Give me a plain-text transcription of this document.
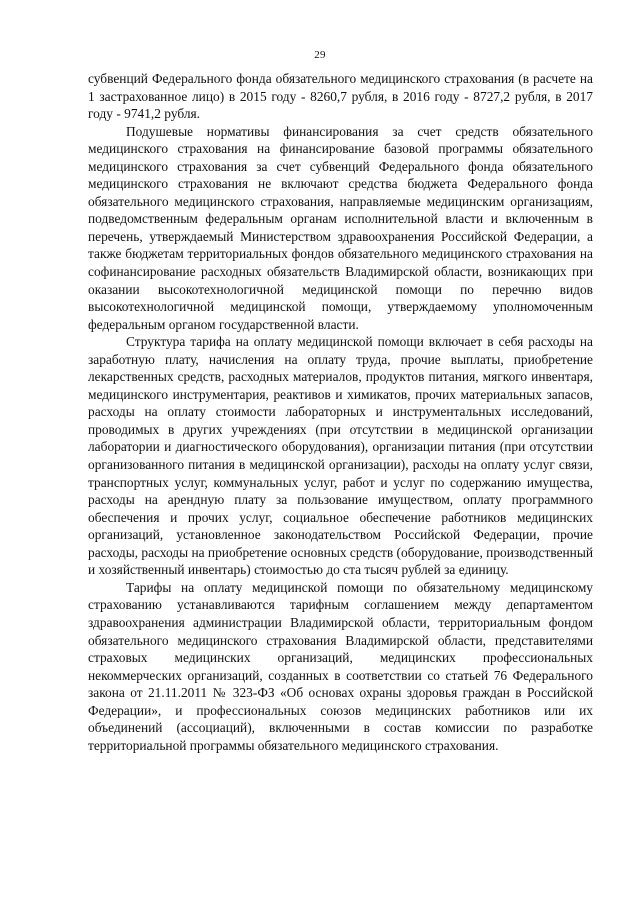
29

субвенций Федерального фонда обязательного медицинского страхования (в расчете на 1 застрахованное лицо) в 2015 году - 8260,7 рубля, в 2016 году - 8727,2 рубля, в 2017 году - 9741,2 рубля.

Подушевые нормативы финансирования за счет средств обязательного медицинского страхования на финансирование базовой программы обязательного медицинского страхования за счет субвенций Федерального фонда обязательного медицинского страхования не включают средства бюджета Федерального фонда обязательного медицинского страхования, направляемые медицинским организациям, подведомственным федеральным органам исполнительной власти и включенным в перечень, утверждаемый Министерством здравоохранения Российской Федерации, а также бюджетам территориальных фондов обязательного медицинского страхования на софинансирование расходных обязательств Владимирской области, возникающих при оказании высокотехнологичной медицинской помощи по перечню видов высокотехнологичной медицинской помощи, утверждаемому уполномоченным федеральным органом государственной власти.

Структура тарифа на оплату медицинской помощи включает в себя расходы на заработную плату, начисления на оплату труда, прочие выплаты, приобретение лекарственных средств, расходных материалов, продуктов питания, мягкого инвентаря, медицинского инструментария, реактивов и химикатов, прочих материальных запасов, расходы на оплату стоимости лабораторных и инструментальных исследований, проводимых в других учреждениях (при отсутствии в медицинской организации лаборатории и диагностического оборудования), организации питания (при отсутствии организованного питания в медицинской организации), расходы на оплату услуг связи, транспортных услуг, коммунальных услуг, работ и услуг по содержанию имущества, расходы на арендную плату за пользование имуществом, оплату программного обеспечения и прочих услуг, социальное обеспечение работников медицинских организаций, установленное законодательством Российской Федерации, прочие расходы, расходы на приобретение основных средств (оборудование, производственный и хозяйственный инвентарь) стоимостью до ста тысяч рублей за единицу.

Тарифы на оплату медицинской помощи по обязательному медицинскому страхованию устанавливаются тарифным соглашением между департаментом здравоохранения администрации Владимирской области, территориальным фондом обязательного медицинского страхования Владимирской области, представителями страховых медицинских организаций, медицинских профессиональных некоммерческих организаций, созданных в соответствии со статьей 76 Федерального закона от 21.11.2011 № 323-ФЗ «Об основах охраны здоровья граждан в Российской Федерации», и профессиональных союзов медицинских работников или их объединений (ассоциаций), включенными в состав комиссии по разработке территориальной программы обязательного медицинского страхования.
